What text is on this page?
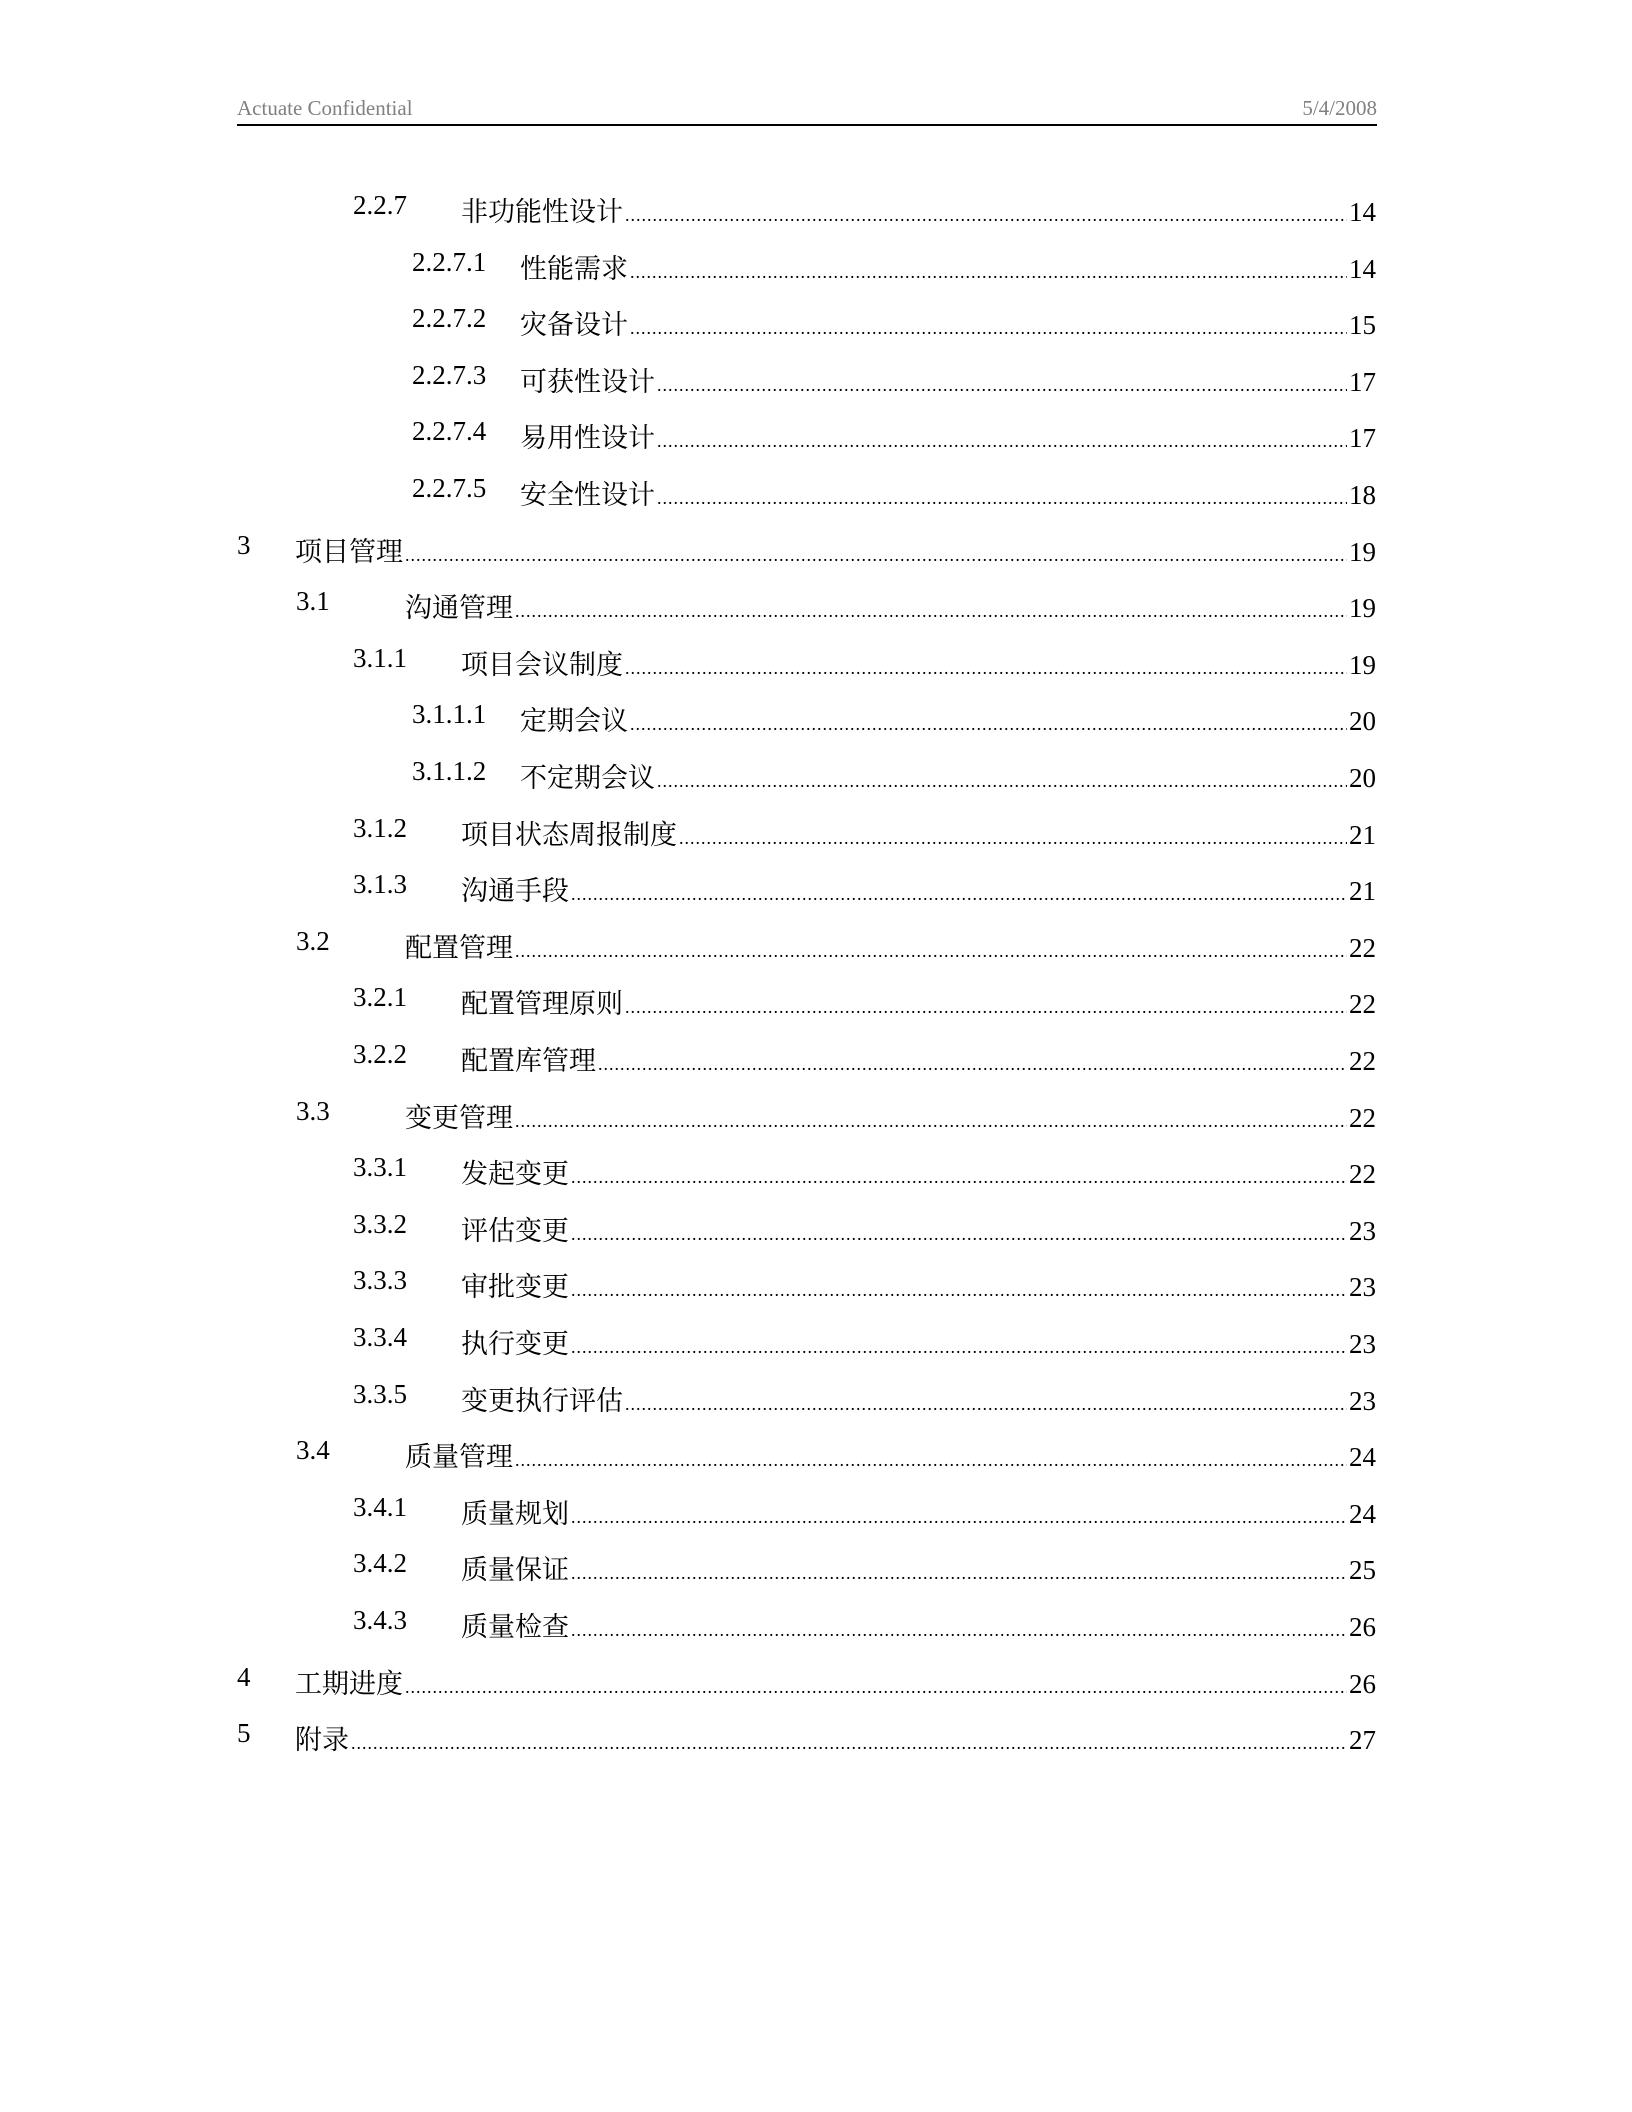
Actuate Confidential	5/4/2008
2.2.7 非功能性设计 .....	14
2.2.7.1 性能需求 .....	14
2.2.7.2 灾备设计 .....	15
2.2.7.3 可获性设计 .....	17
2.2.7.4 易用性设计 .....	17
2.2.7.5 安全性设计 .....	18
3 项目管理 .....	19
3.1	沟通管理 .....	19
3.1.1 项目会议制度 .....	19
3.1.1.1 定期会议 .....	20
3.1.1.2 不定期会议 .....	20
3.1.2 项目状态周报制度 .....	21
3.1.3 沟通手段 .....	21
3.2	配置管理 .....	22
3.2.1 配置管理原则 .....	22
3.2.2 配置库管理 .....	22
3.3	变更管理 .....	22
3.3.1 发起变更 .....	22
3.3.2 评估变更 .....	23
3.3.3 审批变更 .....	23
3.3.4 执行变更 .....	23
3.3.5 变更执行评估 .....	23
3.4	质量管理 .....	24
3.4.1 质量规划 .....	24
3.4.2 质量保证 .....	25
3.4.3 质量检查 .....	26
4 工期进度 .....	26
5 附录 .....	27
